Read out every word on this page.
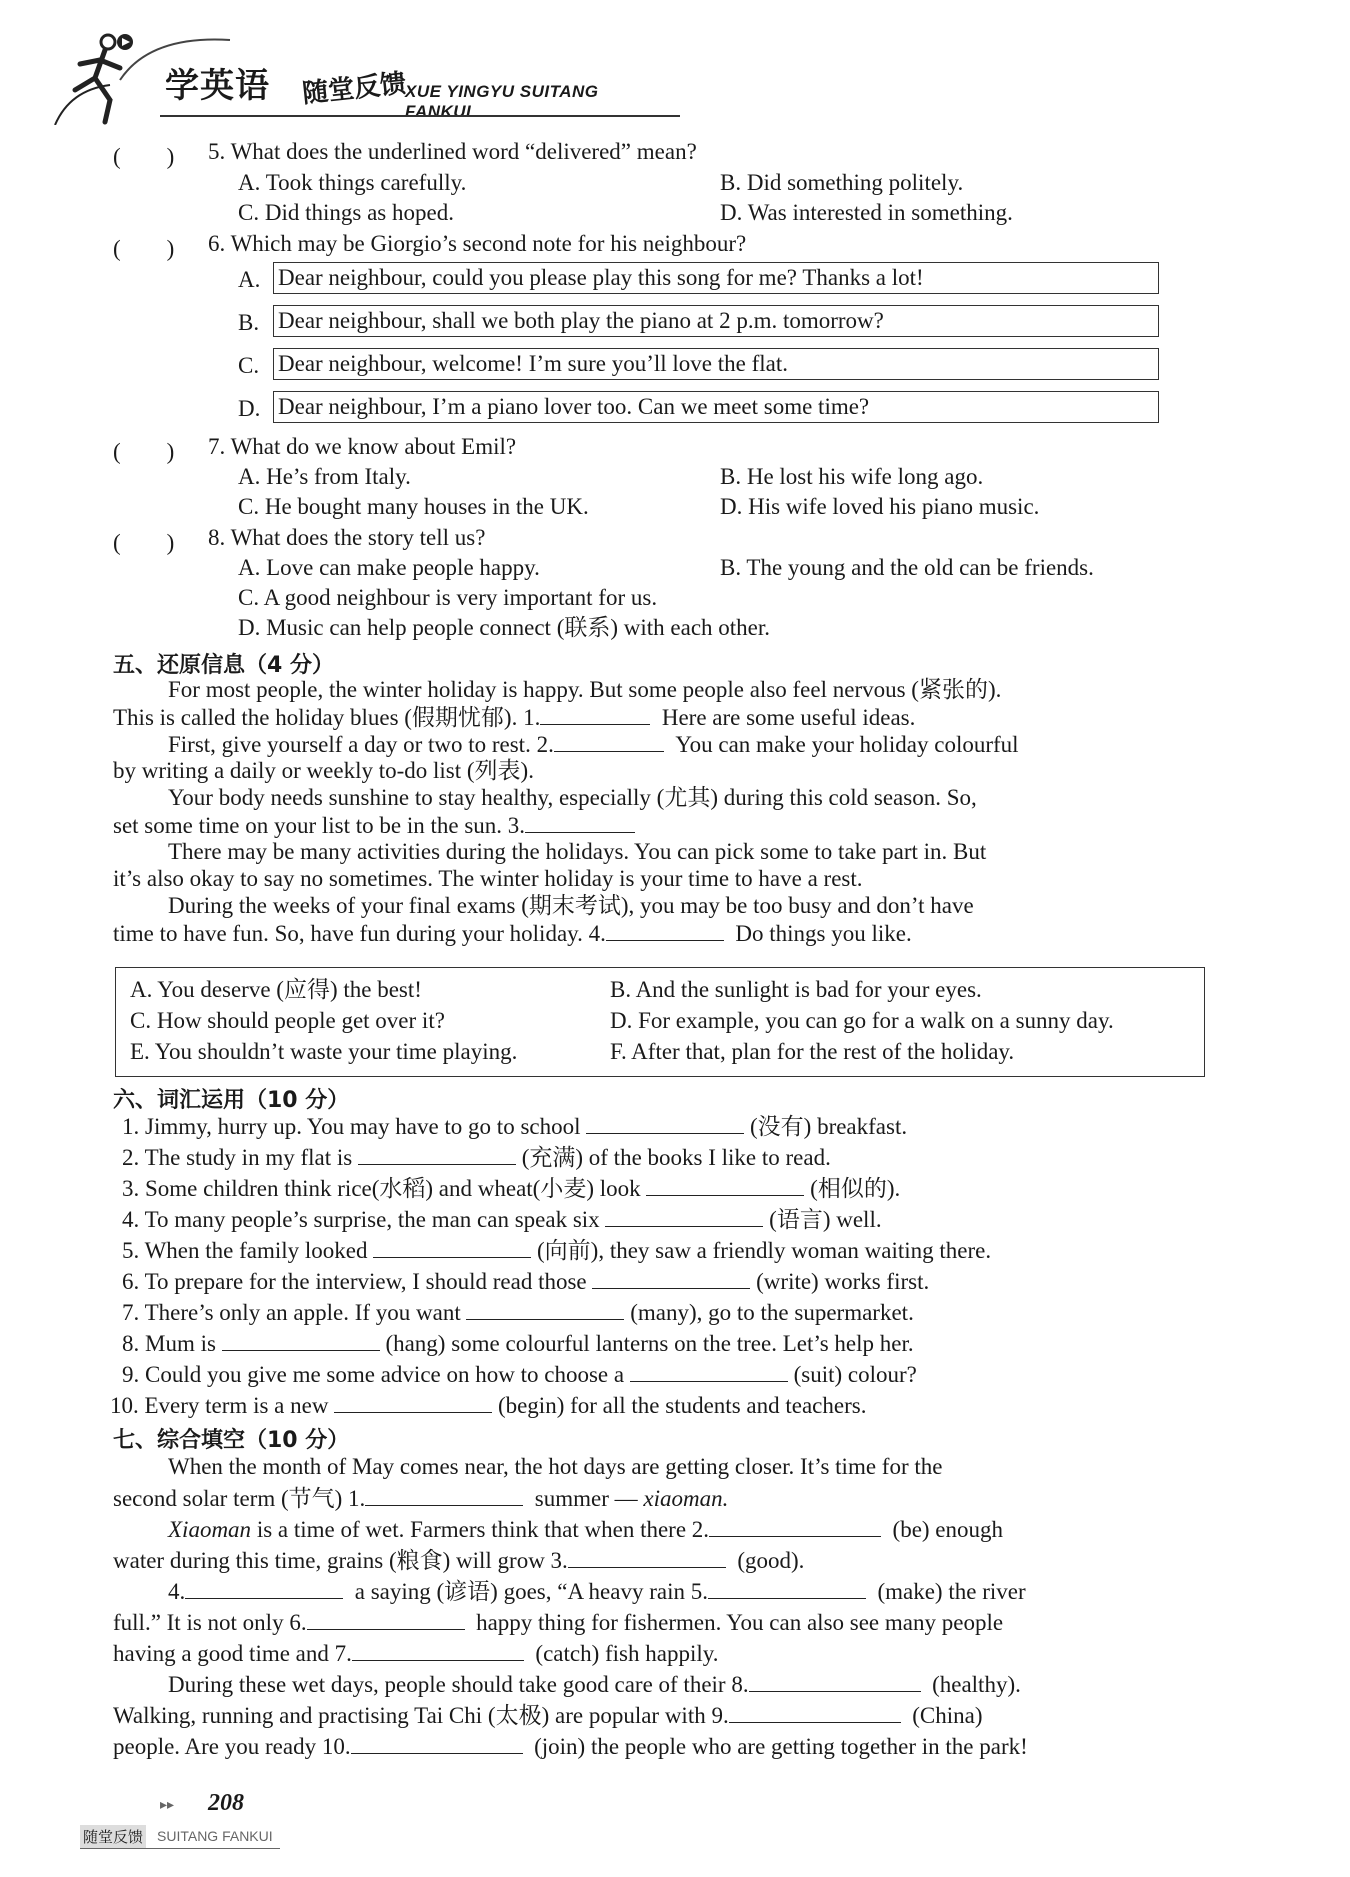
学英语 随堂反馈
XUE YINGYU SUITANG FANKUI
(　　) 5. What does the underlined word “delivered” mean?
A. Took things carefully.	B. Did something politely.
C. Did things as hoped.	D. Was interested in something.
(　　) 6. Which may be Giorgio’s second note for his neighbour?
A. Dear neighbour, could you please play this song for me? Thanks a lot!
B. Dear neighbour, shall we both play the piano at 2 p.m. tomorrow?
C. Dear neighbour, welcome! I’m sure you’ll love the flat.
D. Dear neighbour, I’m a piano lover too. Can we meet some time?
(　　) 7. What do we know about Emil?
A. He’s from Italy.	B. He lost his wife long ago.
C. He bought many houses in the UK.	D. His wife loved his piano music.
(　　) 8. What does the story tell us?
A. Love can make people happy.	B. The young and the old can be friends.
C. A good neighbour is very important for us.
D. Music can help people connect (联系) with each other.
五、还原信息（4 分）
For most people, the winter holiday is happy. But some people also feel nervous (紧张的).
This is called the holiday blues (假期忧郁). 1.	Here are some useful ideas.
First, give yourself a day or two to rest. 2.	You can make your holiday colourful
by writing a daily or weekly to-do list (列表).
Your body needs sunshine to stay healthy, especially (尤其) during this cold season. So,
set some time on your list to be in the sun. 3.
There may be many activities during the holidays. You can pick some to take part in. But
it’s also okay to say no sometimes. The winter holiday is your time to have a rest.
During the weeks of your final exams (期末考试), you may be too busy and don’t have
time to have fun. So, have fun during your holiday. 4.	Do things you like.
A. You deserve (应得) the best!	B. And the sunlight is bad for your eyes.
C. How should people get over it?	D. For example, you can go for a walk on a sunny day.
E. You shouldn’t waste your time playing.	F. After that, plan for the rest of the holiday.
六、词汇运用（10 分）
1. Jimmy, hurry up. You may have to go to school	(没有) breakfast.
2. The study in my flat is	(充满) of the books I like to read.
3. Some children think rice(水稻) and wheat(小麦) look	(相似的).
4. To many people’s surprise, the man can speak six	(语言) well.
5. When the family looked	(向前), they saw a friendly woman waiting there.
6. To prepare for the interview, I should read those	(write) works first.
7. There’s only an apple. If you want	(many), go to the supermarket.
8. Mum is	(hang) some colourful lanterns on the tree. Let’s help her.
9. Could you give me some advice on how to choose a	(suit) colour?
10. Every term is a new	(begin) for all the students and teachers.
七、综合填空（10 分）
When the month of May comes near, the hot days are getting closer. It’s time for the
second solar term (节气) 1.	summer — xiaoman.
Xiaoman is a time of wet. Farmers think that when there 2.	(be) enough
water during this time, grains (粮食) will grow 3.	(good).
4.	a saying (谚语) goes, “A heavy rain 5.	(make) the river
full.” It is not only 6.	happy thing for fishermen. You can also see many people
having a good time and 7.	(catch) fish happily.
During these wet days, people should take good care of their 8.	(healthy).
Walking, running and practising Tai Chi (太极) are popular with 9.	(China)
people. Are you ready 10.	(join) the people who are getting together in the park!
▸▸ 208
随堂反馈 SUITANG FANKUI
